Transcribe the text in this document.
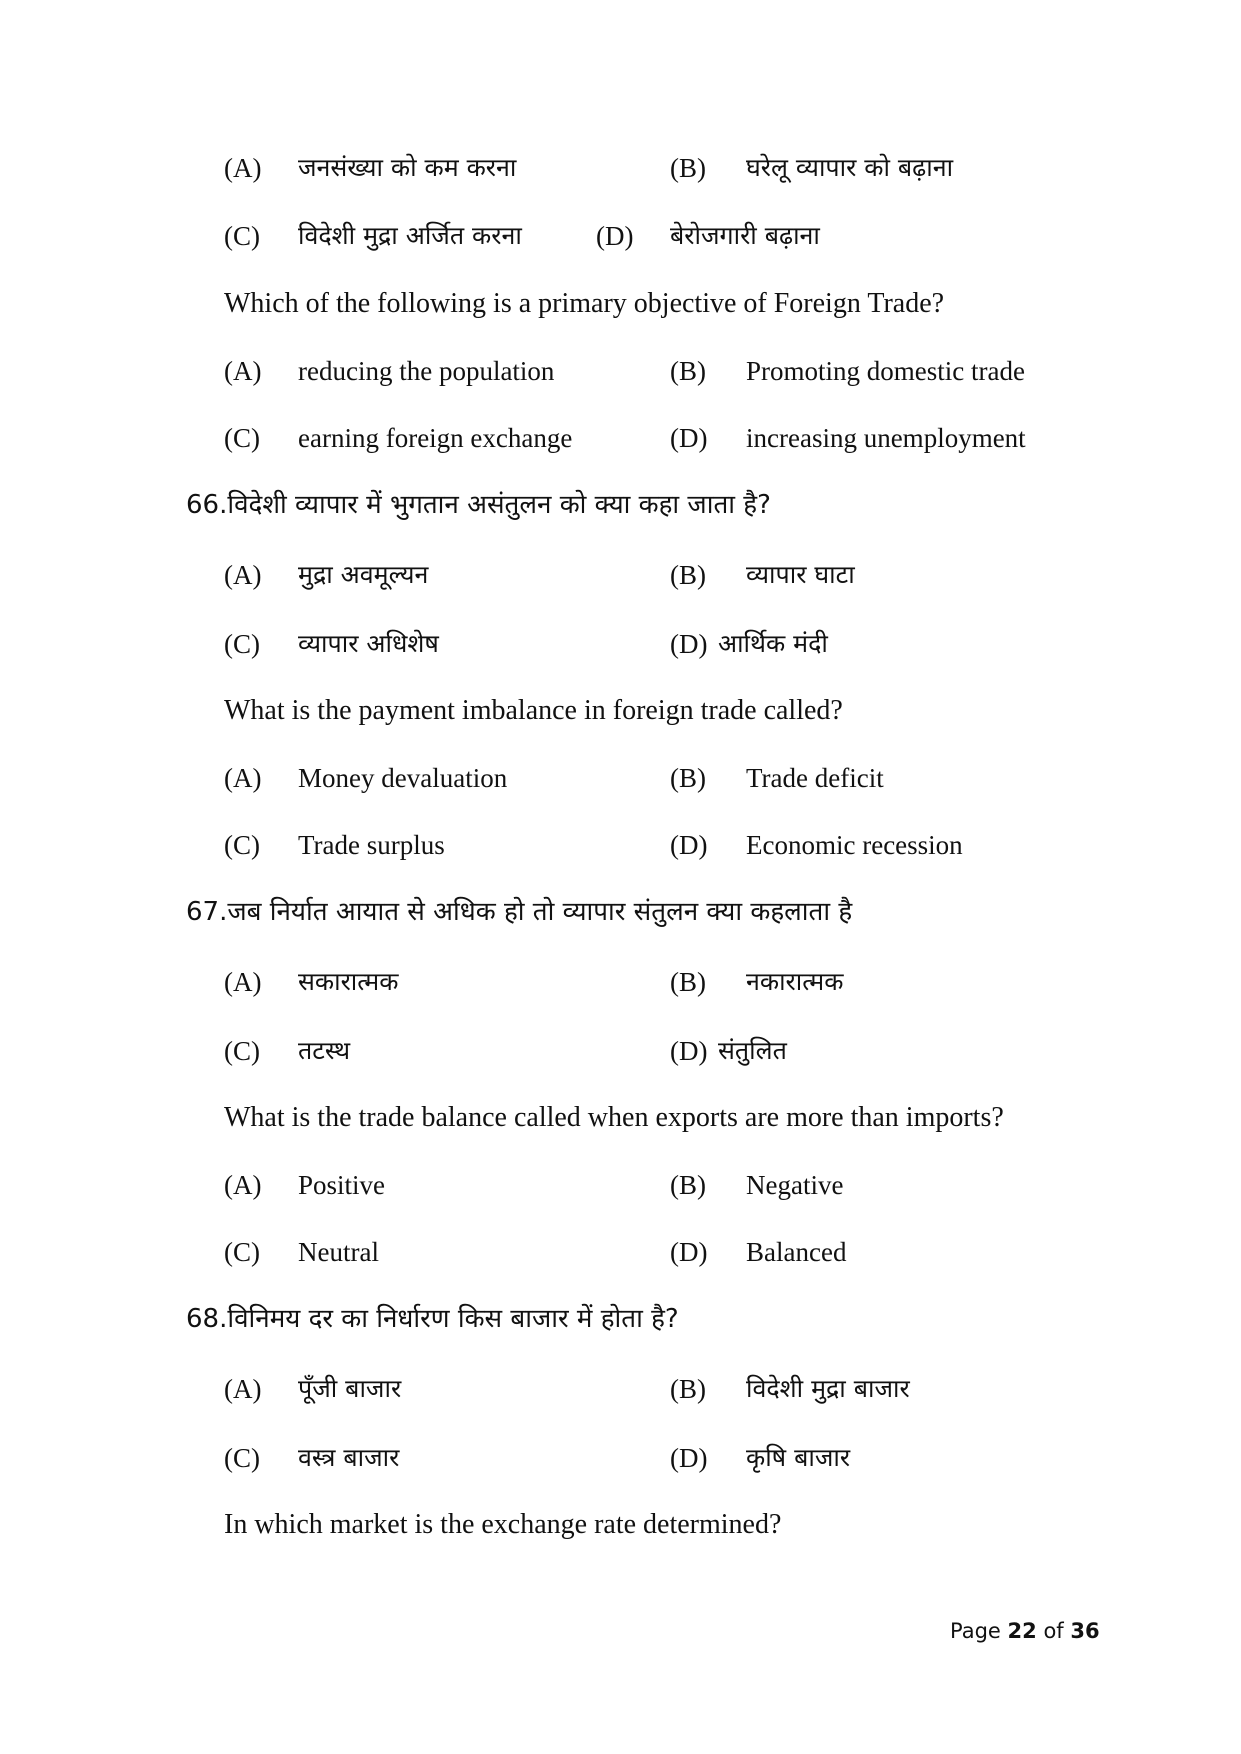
(A) जनसंख्या को कम करना	(B) घरेलू व्यापार को बढ़ाना
(C) विदेशी मुद्रा अर्जित करना	(D) बेरोजगारी बढ़ाना
Which of the following is a primary objective of Foreign Trade?
(A) reducing the population	(B) Promoting domestic trade
(C) earning foreign exchange	(D) increasing unemployment
66.विदेशी व्यापार में भुगतान असंतुलन को क्या कहा जाता है?
(A) मुद्रा अवमूल्यन	(B) व्यापार घाटा
(C) व्यापार अधिशेष	(D) आर्थिक मंदी
What is the payment imbalance in foreign trade called?
(A) Money devaluation	(B) Trade deficit
(C) Trade surplus	(D) Economic recession
67.जब निर्यात आयात से अधिक हो तो व्यापार संतुलन क्या कहलाता है
(A) सकारात्मक	(B) नकारात्मक
(C) तटस्थ	(D) संतुलित
What is the trade balance called when exports are more than imports?
(A) Positive	(B) Negative
(C) Neutral	(D) Balanced
68.विनिमय दर का निर्धारण किस बाजार में होता है?
(A) पूँजी बाजार	(B) विदेशी मुद्रा बाजार
(C) वस्त्र बाजार	(D) कृषि बाजार
In which market is the exchange rate determined?
Page 22 of 36
